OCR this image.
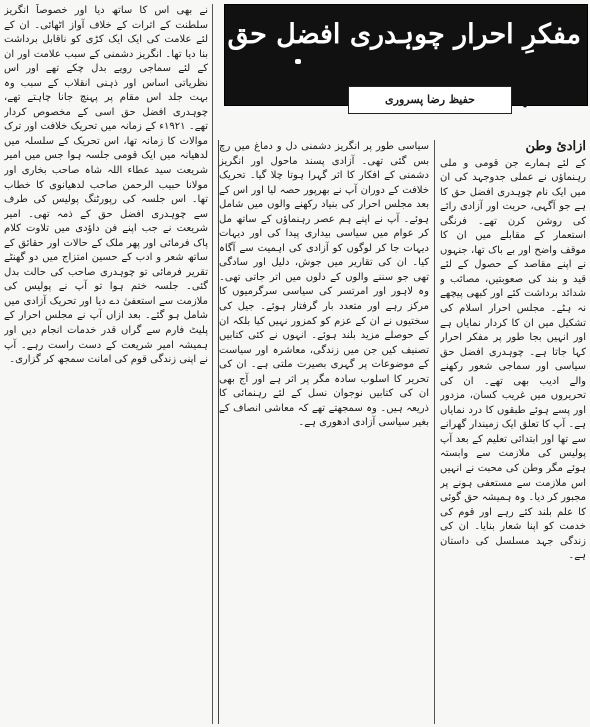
مفکرِ احرار چوہدری افضل حق
حفیظ رضا پسروری

آزادیٔ وطن
کے لئے ہمارے جن قومی و ملی رہنماؤں نے عملی جدوجہد کی ان میں ایک نام چوہدری افضل حق کا ہے جو آگہی، حریت اور آزادی رائے کی روشن کرن تھے۔ فرنگی استعمار کے مقابلے میں ان کا موقف واضح اور بے باک تھا، جنہوں نے اپنے مقاصد کے حصول کے لئے قید و بند کی صعوبتیں، مصائب و شدائد برداشت کئے اور کبھی پیچھے نہ ہٹے۔ مجلس احرار اسلام کی تشکیل میں ان کا کردار نمایاں ہے اور انہیں بجا طور پر مفکر احرار کہا جاتا ہے۔ چوہدری افضل حق سیاسی اور سماجی شعور رکھنے والے ادیب بھی تھے۔ ان کی تحریروں میں غریب کسان، مزدور اور پسے ہوئے طبقوں کا درد نمایاں ہے۔ آپ کا تعلق ایک زمیندار گھرانے سے تھا اور ابتدائی تعلیم کے بعد آپ پولیس کی ملازمت سے وابستہ ہوئے مگر وطن کی محبت نے انہیں اس ملازمت سے مستعفی ہونے پر مجبور کر دیا۔ وہ ہمیشہ حق گوئی کا علم بلند کئے رہے اور قوم کی خدمت کو اپنا شعار بنایا۔ ان کی زندگی جہد مسلسل کی داستان ہے۔

سیاسی طور پر انگریز دشمنی دل و دماغ میں رچ بس گئی تھی۔ آزادی پسند ماحول اور انگریز دشمنی کے افکار کا اثر گہرا ہوتا چلا گیا۔ تحریک خلافت کے دوران آپ نے بھرپور حصہ لیا اور اس کے بعد مجلس احرار کی بنیاد رکھنے والوں میں شامل ہوئے۔ آپ نے اپنے ہم عصر رہنماؤں کے ساتھ مل کر عوام میں سیاسی بیداری پیدا کی اور دیہات دیہات جا کر لوگوں کو آزادی کی اہمیت سے آگاہ کیا۔ ان کی تقاریر میں جوش، دلیل اور سادگی تھی جو سننے والوں کے دلوں میں اتر جاتی تھی۔ وہ لاہور اور امرتسر کی سیاسی سرگرمیوں کا مرکز رہے اور متعدد بار گرفتار ہوئے۔ جیل کی سختیوں نے ان کے عزم کو کمزور نہیں کیا بلکہ ان کے حوصلے مزید بلند ہوئے۔ انہوں نے کئی کتابیں تصنیف کیں جن میں زندگی، معاشرہ اور سیاست کے موضوعات پر گہری بصیرت ملتی ہے۔ ان کی تحریر کا اسلوب سادہ مگر پر اثر ہے اور آج بھی ان کی کتابیں نوجوان نسل کے لئے رہنمائی کا ذریعہ ہیں۔ وہ سمجھتے تھے کہ معاشی انصاف کے بغیر سیاسی آزادی ادھوری ہے۔

نے بھی اس کا ساتھ دیا اور خصوصاً انگریز سلطنت کے اثرات کے خلاف آواز اٹھائی۔ ان کے لئے علامت کی ایک ایک کڑی کو ناقابل برداشت بنا دیا تھا۔ انگریز دشمنی کے سبب علامت اور ان کے لئے سماجی رویے بدل چکے تھے اور اس نظریاتی اساس اور ذہنی انقلاب کے سبب وہ بہت جلد اس مقام پر پہنچ جانا چاہتے تھے، چوہدری افضل حق اسی کے مخصوص کردار تھے۔ ۱۹۲۱ء کے زمانہ میں تحریک خلافت اور ترک موالات کا زمانہ تھا، اس تحریک کے سلسلہ میں لدھیانہ میں ایک قومی جلسہ ہوا جس میں امیر شریعت سید عطاء اللہ شاہ صاحب بخاری اور مولانا حبیب الرحمن صاحب لدھیانوی کا خطاب تھا۔ اس جلسہ کی رپورٹنگ پولیس کی طرف سے چوہدری افضل حق کے ذمہ تھی۔ امیر شریعت نے جب اپنے فن داؤدی میں تلاوت کلام پاک فرمائی اور پھر ملک کے حالات اور حقائق کے ساتھ شعر و ادب کے حسین امتزاج میں دو گھنٹے تقریر فرمائی تو چوہدری صاحب کی حالت بدل گئی۔ جلسہ ختم ہوا تو آپ نے پولیس کی ملازمت سے استعفیٰ دے دیا اور تحریک آزادی میں شامل ہو گئے۔ بعد ازاں آپ نے مجلس احرار کے پلیٹ فارم سے گراں قدر خدمات انجام دیں اور ہمیشہ امیر شریعت کے دست راست رہے۔ آپ نے اپنی زندگی قوم کی امانت سمجھ کر گزاری۔
